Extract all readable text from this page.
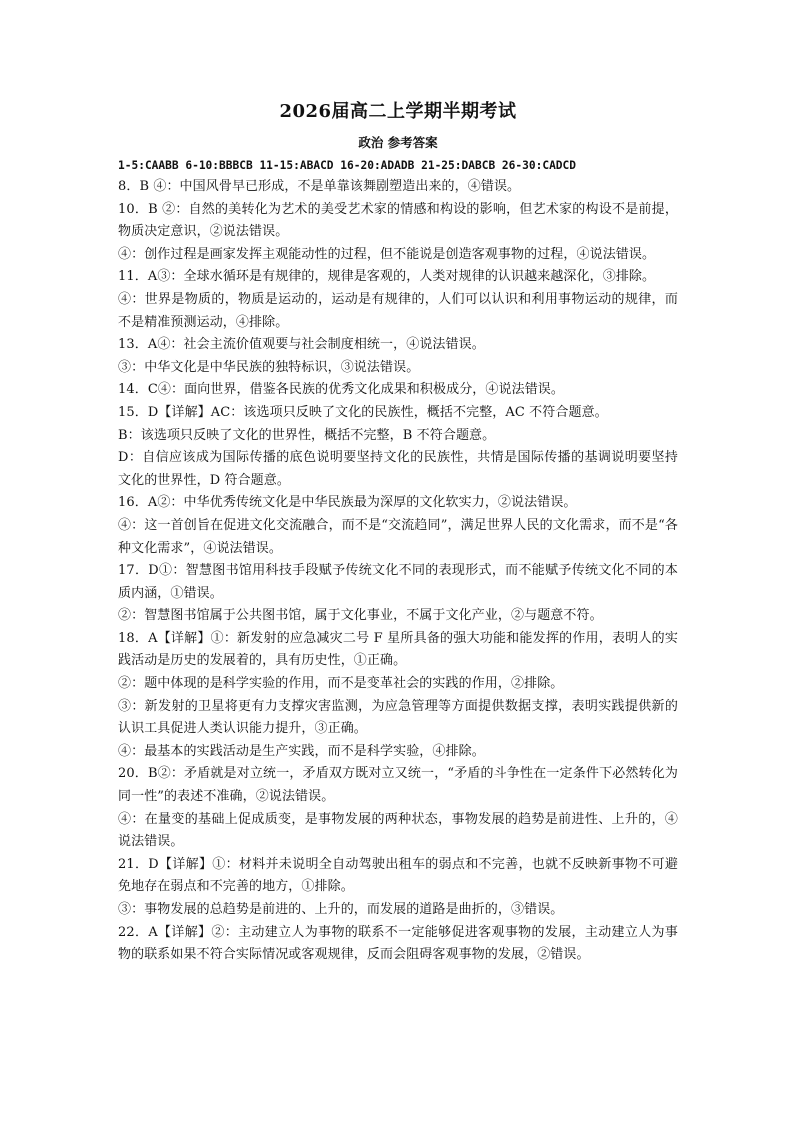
2026届高二上学期半期考试
政治 参考答案
1-5:CAABB 6-10:BBBCB 11-15:ABACD 16-20:ADADB 21-25:DABCB 26-30:CADCD

8．B ④：中国风骨早已形成，不是单靠该舞剧塑造出来的，④错误。

10．B ②：自然的美转化为艺术的美受艺术家的情感和构设的影响，但艺术家的构设不是前提，物质决定意识，②说法错误。

④：创作过程是画家发挥主观能动性的过程，但不能说是创造客观事物的过程，④说法错误。

11．A③：全球水循环是有规律的，规律是客观的，人类对规律的认识越来越深化，③排除。

④：世界是物质的，物质是运动的，运动是有规律的，人们可以认识和利用事物运动的规律，而不是精准预测运动，④排除。

13．A④：社会主流价值观要与社会制度相统一，④说法错误。

③：中华文化是中华民族的独特标识，③说法错误。

14．C④：面向世界，借鉴各民族的优秀文化成果和积极成分，④说法错误。

15．D【详解】AC：该选项只反映了文化的民族性，概括不完整，AC 不符合题意。

B：该选项只反映了文化的世界性，概括不完整，B 不符合题意。

D：自信应该成为国际传播的底色说明要坚持文化的民族性，共情是国际传播的基调说明要坚持文化的世界性，D 符合题意。

16．A②：中华优秀传统文化是中华民族最为深厚的文化软实力，②说法错误。

④：这一首创旨在促进文化交流融合，而不是“交流趋同”，满足世界人民的文化需求，而不是“各种文化需求”，④说法错误。

17．D①：智慧图书馆用科技手段赋予传统文化不同的表现形式，而不能赋予传统文化不同的本质内涵，①错误。

②：智慧图书馆属于公共图书馆，属于文化事业，不属于文化产业，②与题意不符。

18．A【详解】①：新发射的应急减灾二号 F 星所具备的强大功能和能发挥的作用，表明人的实践活动是历史的发展着的，具有历史性，①正确。

②：题中体现的是科学实验的作用，而不是变革社会的实践的作用，②排除。

③：新发射的卫星将更有力支撑灾害监测，为应急管理等方面提供数据支撑，表明实践提供新的认识工具促进人类认识能力提升，③正确。

④：最基本的实践活动是生产实践，而不是科学实验，④排除。

20．B②：矛盾就是对立统一，矛盾双方既对立又统一，“矛盾的斗争性在一定条件下必然转化为同一性”的表述不准确，②说法错误。

④：在量变的基础上促成质变，是事物发展的两种状态，事物发展的趋势是前进性、上升的，④说法错误。

21．D【详解】①：材料并未说明全自动驾驶出租车的弱点和不完善，也就不反映新事物不可避免地存在弱点和不完善的地方，①排除。

③：事物发展的总趋势是前进的、上升的，而发展的道路是曲折的，③错误。

22．A【详解】②：主动建立人为事物的联系不一定能够促进客观事物的发展，主动建立人为事物的联系如果不符合实际情况或客观规律，反而会阻碍客观事物的发展，②错误。
